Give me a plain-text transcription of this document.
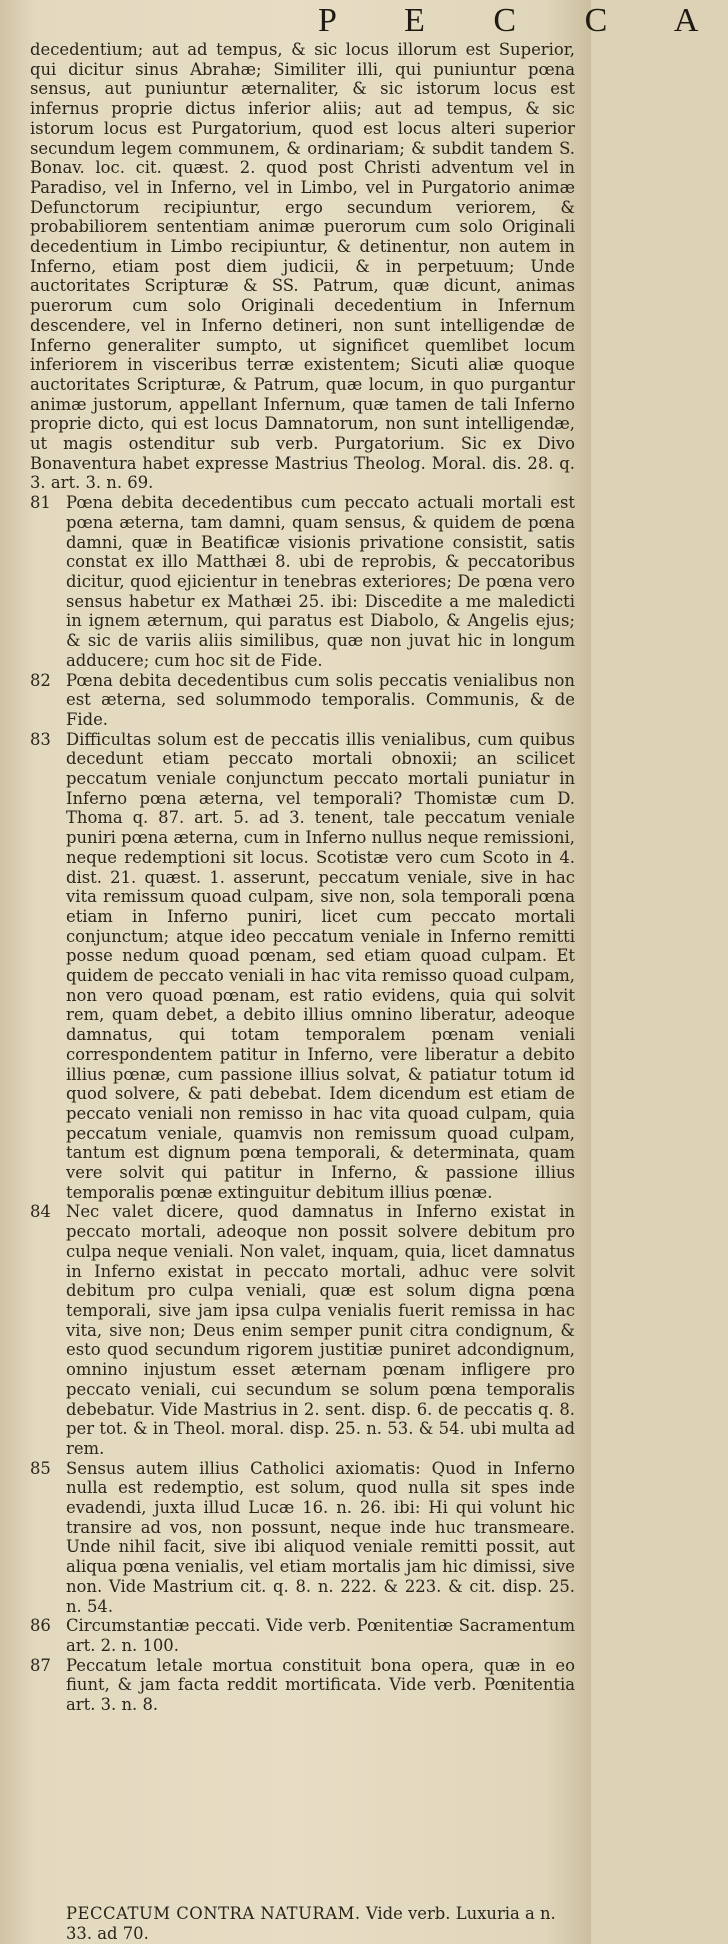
P E C C A

decedentium; aut ad tempus, & sic locus illorum est Superior, qui dicitur sinus Abrahæ; Similiter illi, qui puniuntur pœna sensus, aut puniuntur æternaliter, & sic istorum locus est infernus proprie dictus inferior aliis; aut ad tempus, & sic istorum locus est Purgatorium, quod est locus alteri superior secundum legem communem, & ordinariam; & subdit tandem S. Bonav. loc. cit. quæst. 2. quod post Christi adventum vel in Paradiso, vel in Inferno, vel in Limbo, vel in Purgatorio animæ Defunctorum recipiuntur, ergo secundum veriorem, & probabiliorem sententiam animæ puerorum cum solo Originali decedentium in Limbo recipiuntur, & detinentur, non autem in Inferno, etiam post diem judicii, & in perpetuum; Unde auctoritates Scripturæ & SS. Patrum, quæ dicunt, animas puerorum cum solo Originali decedentium in Infernum descendere, vel in Inferno detineri, non sunt intelligendæ de Inferno generaliter sumpto, ut significet quemlibet locum inferiorem in visceribus terræ existentem; Sicuti aliæ quoque auctoritates Scripturæ, & Patrum, quæ locum, in quo purgantur animæ justorum, appellant Infernum, quæ tamen de tali Inferno proprie dicto, qui est locus Damnatorum, non sunt intelligendæ, ut magis ostenditur sub verb. Purgatorium. Sic ex Divo Bonaventura habet expresse Mastrius Theolog. Moral. dis. 28. q. 3. art. 3. n. 69.

81 Pœna debita decedentibus cum peccato actuali mortali est pœna æterna, tam damni, quam sensus, & quidem de pœna damni, quæ in Beatificæ visionis privatione consistit, satis constat ex illo Matthæi 8. ubi de reprobis, & peccatoribus dicitur, quod ejicientur in tenebras exteriores; De pœna vero sensus habetur ex Mathæi 25. ibi: Discedite a me maledicti in ignem æternum, qui paratus est Diabolo, & Angelis ejus; & sic de variis aliis similibus, quæ non juvat hic in longum adducere; cum hoc sit de Fide.
82 Pœna debita decedentibus cum solis peccatis venialibus non est æterna, sed solummodo temporalis. Communis, & de Fide.
83 Difficultas solum est de peccatis illis venialibus, cum quibus decedunt etiam peccato mortali obnoxii; an scilicet peccatum veniale conjunctum peccato mortali puniatur in Inferno pœna æterna, vel temporali? Thomistæ cum D. Thoma q. 87. art. 5. ad 3. tenent, tale peccatum veniale puniri pœna æterna, cum in Inferno nullus neque remissioni, neque redemptioni sit locus. Scotistæ vero cum Scoto in 4. dist. 21. quæst. 1. asserunt, peccatum veniale, sive in hac vita remissum quoad culpam, sive non, sola temporali pœna etiam in Inferno puniri, licet cum peccato mortali conjunctum; atque ideo peccatum veniale in Inferno remitti posse nedum quoad pœnam, sed etiam quoad culpam. Et quidem de peccato veniali in hac vita remisso quoad culpam, non vero quoad pœnam, est ratio evidens, quia qui solvit rem, quam debet, a debito illius omnino liberatur, adeoque damnatus, qui totam temporalem pœnam veniali correspondentem patitur in Inferno, vere liberatur a debito illius pœnæ, cum passione illius solvat, & patiatur totum id quod solvere, & pati debebat. Idem dicendum est etiam de peccato veniali non remisso in hac vita quoad culpam, quia peccatum veniale, quamvis non remissum quoad culpam, tantum est dignum pœna temporali, & determinata, quam vere solvit qui patitur in Inferno, & passione illius temporalis pœnæ extinguitur debitum illius pœnæ.
84 Nec valet dicere, quod damnatus in Inferno existat in peccato mortali, adeoque non possit solvere debitum pro culpa neque veniali. Non valet, inquam, quia, licet damnatus in Inferno existat in peccato mortali, adhuc vere solvit debitum pro culpa veniali, quæ est solum digna pœna temporali, sive jam ipsa culpa venialis fuerit remissa in hac vita, sive non; Deus enim semper punit citra condignum, & esto quod secundum rigorem justitiæ puniret adcondignum, omnino injustum esset æternam pœnam infligere pro peccato veniali, cui secundum se solum pœna temporalis debebatur. Vide Mastrius in 2. sent. disp. 6. de peccatis q. 8. per tot. & in Theol. moral. disp. 25. n. 53. & 54. ubi multa ad rem.
85 Sensus autem illius Catholici axiomatis: Quod in Inferno nulla est redemptio, est solum, quod nulla sit spes inde evadendi, juxta illud Lucæ 16. n. 26. ibi: Hi qui volunt hic transire ad vos, non possunt, neque inde huc transmeare. Unde nihil facit, sive ibi aliquod veniale remitti possit, aut aliqua pœna venialis, vel etiam mortalis jam hic dimissi, sive non. Vide Mastrium cit. q. 8. n. 222. & 223. & cit. disp. 25. n. 54.
86 Circumstantiæ peccati. Vide verb. Pœnitentiæ Sacramentum art. 2. n. 100.
87 Peccatum letale mortua constituit bona opera, quæ in eo fiunt, & jam facta reddit mortificata. Vide verb. Pœnitentia art. 3. n. 8.
PECCATUM CONTRA NATURAM. Vide verb. Luxuria a n. 33. ad 70.
